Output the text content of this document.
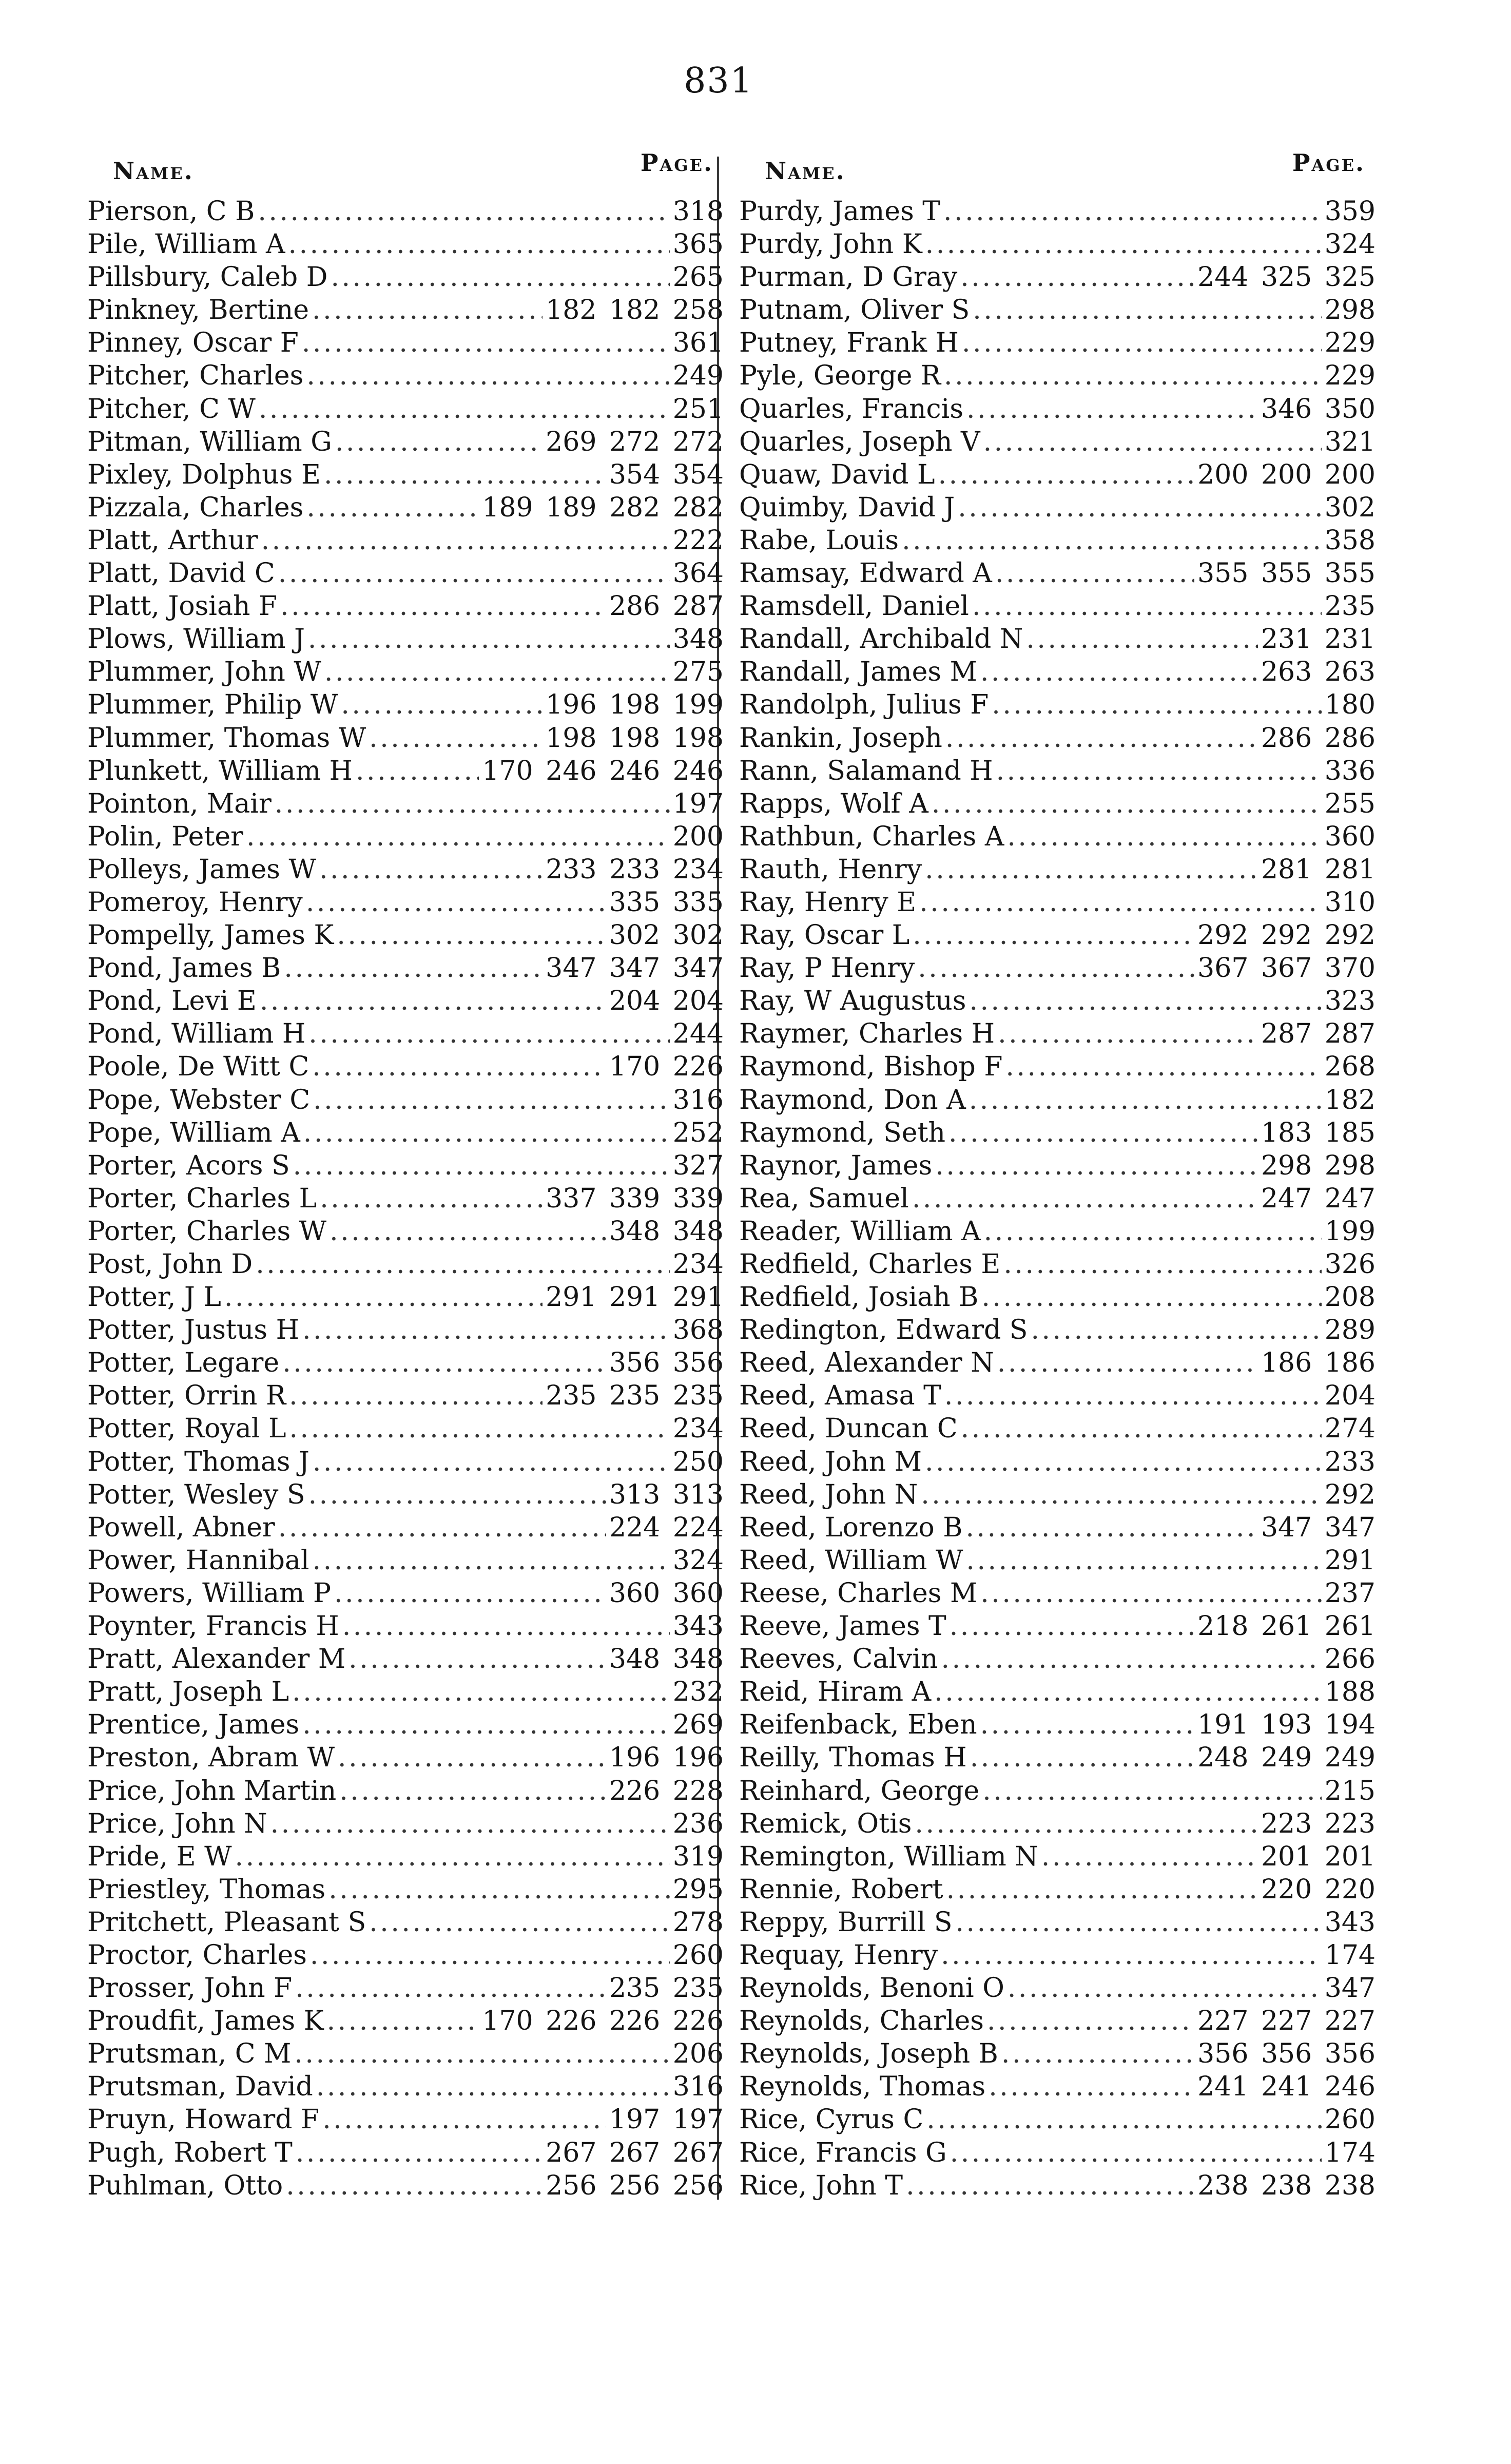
831
Name.	Page.
Pierson, C B . . .	318
Pile, William A . . .	365
Pillsbury, Caleb D . . .	265
Pinkney, Bertine . . .	182 182 258
Pinney, Oscar F . . .	361
Pitcher, Charles . . .	249
Pitcher, C W . . .	251
Pitman, William G . . .	269 272 272
Pixley, Dolphus E . . .	354 354
Pizzala, Charles . . .	189 189 282 282
Platt, Arthur . . .	222
Platt, David C . . .	364
Platt, Josiah F . . .	286 287
Plows, William J . . .	348
Plummer, John W . . .	275
Plummer, Philip W . . .	196 198 199
Plummer, Thomas W . . .	198 198 198
Plunkett, William H . . .	170 246 246 246
Pointon, Mair . . .	197
Polin, Peter . . .	200
Polleys, James W . . .	233 233 234
Pomeroy, Henry . . .	335 335
Pompelly, James K . . .	302 302
Pond, James B . . .	347 347 347
Pond, Levi E . . .	204 204
Pond, William H . . .	244
Poole, De Witt C . . .	170 226
Pope, Webster C . . .	316
Pope, William A . . .	252
Porter, Acors S . . .	327
Porter, Charles L . . .	337 339 339
Porter, Charles W . . .	348 348
Post, John D . . .	234
Potter, J L . . .	291 291 291
Potter, Justus H . . .	368
Potter, Legare . . .	356 356
Potter, Orrin R . . .	235 235 235
Potter, Royal L . . .	234
Potter, Thomas J . . .	250
Potter, Wesley S . . .	313 313
Powell, Abner . . .	224 224
Power, Hannibal . . .	324
Powers, William P . . .	360 360
Poynter, Francis H . . .	343
Pratt, Alexander M . . .	348 348
Pratt, Joseph L . . .	232
Prentice, James . . .	269
Preston, Abram W . . .	196 196
Price, John Martin . . .	226 228
Price, John N . . .	236
Pride, E W . . .	319
Priestley, Thomas . . .	295
Pritchett, Pleasant S . . .	278
Proctor, Charles . . .	260
Prosser, John F . . .	235 235
Proudfit, James K . . .	170 226 226 226
Prutsman, C M . . .	206
Prutsman, David . . .	316
Pruyn, Howard F . . .	197 197
Pugh, Robert T . . .	267 267 267
Puhlman, Otto . . .	256 256 256
Name.	Page.
Purdy, James T . . .	359
Purdy, John K . . .	324
Purman, D Gray . . .	244 325 325
Putnam, Oliver S . . .	298
Putney, Frank H . . .	229
Pyle, George R . . .	229
Quarles, Francis . . .	346 350
Quarles, Joseph V . . .	321
Quaw, David L . . .	200 200 200
Quimby, David J . . .	302
Rabe, Louis . . .	358
Ramsay, Edward A . . .	355 355 355
Ramsdell, Daniel . . .	235
Randall, Archibald N . . .	231 231
Randall, James M . . .	263 263
Randolph, Julius F . . .	180
Rankin, Joseph . . .	286 286
Rann, Salamand H . . .	336
Rapps, Wolf A . . .	255
Rathbun, Charles A . . .	360
Rauth, Henry . . .	281 281
Ray, Henry E . . .	310
Ray, Oscar L . . .	292 292 292
Ray, P Henry . . .	367 367 370
Ray, W Augustus . . .	323
Raymer, Charles H . . .	287 287
Raymond, Bishop F . . .	268
Raymond, Don A . . .	182
Raymond, Seth . . .	183 185
Raynor, James . . .	298 298
Rea, Samuel . . .	247 247
Reader, William A . . .	199
Redfield, Charles E . . .	326
Redfield, Josiah B . . .	208
Redington, Edward S . . .	289
Reed, Alexander N . . .	186 186
Reed, Amasa T . . .	204
Reed, Duncan C . . .	274
Reed, John M . . .	233
Reed, John N . . .	292
Reed, Lorenzo B . . .	347 347
Reed, William W . . .	291
Reese, Charles M . . .	237
Reeve, James T . . .	218 261 261
Reeves, Calvin . . .	266
Reid, Hiram A . . .	188
Reifenback, Eben . . .	191 193 194
Reilly, Thomas H . . .	248 249 249
Reinhard, George . . .	215
Remick, Otis . . .	223 223
Remington, William N . . .	201 201
Rennie, Robert . . .	220 220
Reppy, Burrill S . . .	343
Requay, Henry . . .	174
Reynolds, Benoni O . . .	347
Reynolds, Charles . . .	227 227 227
Reynolds, Joseph B . . .	356 356 356
Reynolds, Thomas . . .	241 241 246
Rice, Cyrus C . . .	260
Rice, Francis G . . .	174
Rice, John T . . .	238 238 238
